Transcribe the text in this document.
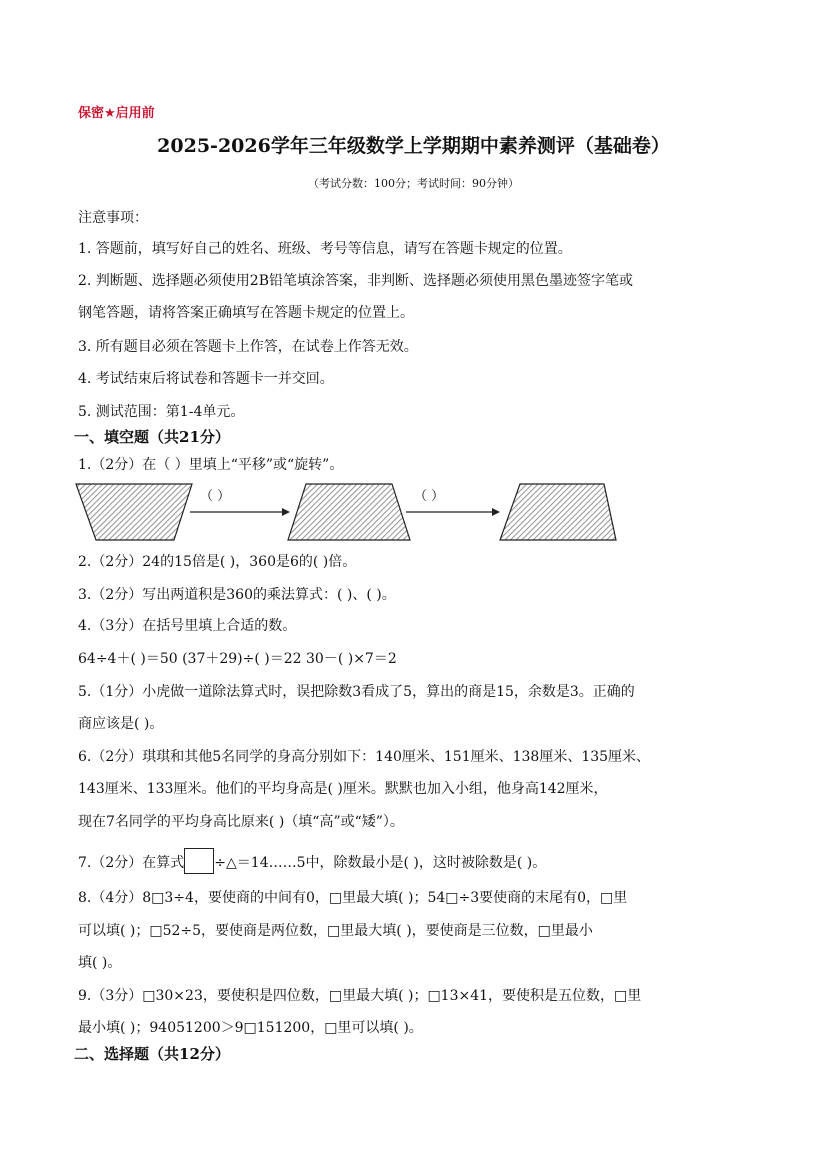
保密★启用前
2025-2026学年三年级数学上学期期中素养测评（基础卷）
（考试分数：100分；考试时间：90分钟）
注意事项：
1. 答题前，填写好自己的姓名、班级、考号等信息，请写在答题卡规定的位置。
2. 判断题、选择题必须使用2B铅笔填涂答案，非判断、选择题必须使用黑色墨迹签字笔或
钢笔答题，请将答案正确填写在答题卡规定的位置上。
3. 所有题目必须在答题卡上作答，在试卷上作答无效。
4. 考试结束后将试卷和答题卡一并交回。
5. 测试范围：第1-4单元。
一、填空题（共21分）
1.（2分）在（ ）里填上“平移”或“旋转”。
（ ）	（ ）
2.（2分）24的15倍是( )，360是6的( )倍。
3.（2分）写出两道积是360的乘法算式：( )、( )。
4.（3分）在括号里填上合适的数。
64÷4＋( )＝50 (37＋29)÷( )＝22 30－( )×7＝2
5.（1分）小虎做一道除法算式时，误把除数3看成了5，算出的商是15，余数是3。正确的
商应该是( )。
6.（2分）琪琪和其他5名同学的身高分别如下：140厘米、151厘米、138厘米、135厘米、
143厘米、133厘米。他们的平均身高是( )厘米。默默也加入小组，他身高142厘米，
现在7名同学的平均身高比原来( )（填“高”或“矮”）。
7.（2分）在算式 ÷△＝14……5中，除数最小是( )，这时被除数是( )。
8.（4分）8□3÷4，要使商的中间有0，□里最大填( )；54□÷3要使商的末尾有0，□里
可以填( )；□52÷5，要使商是两位数，□里最大填( )，要使商是三位数，□里最小
填( )。
9.（3分）□30×23，要使积是四位数，□里最大填( )；□13×41，要使积是五位数，□里
最小填( )；94051200＞9□151200，□里可以填( )。
二、选择题（共12分）
